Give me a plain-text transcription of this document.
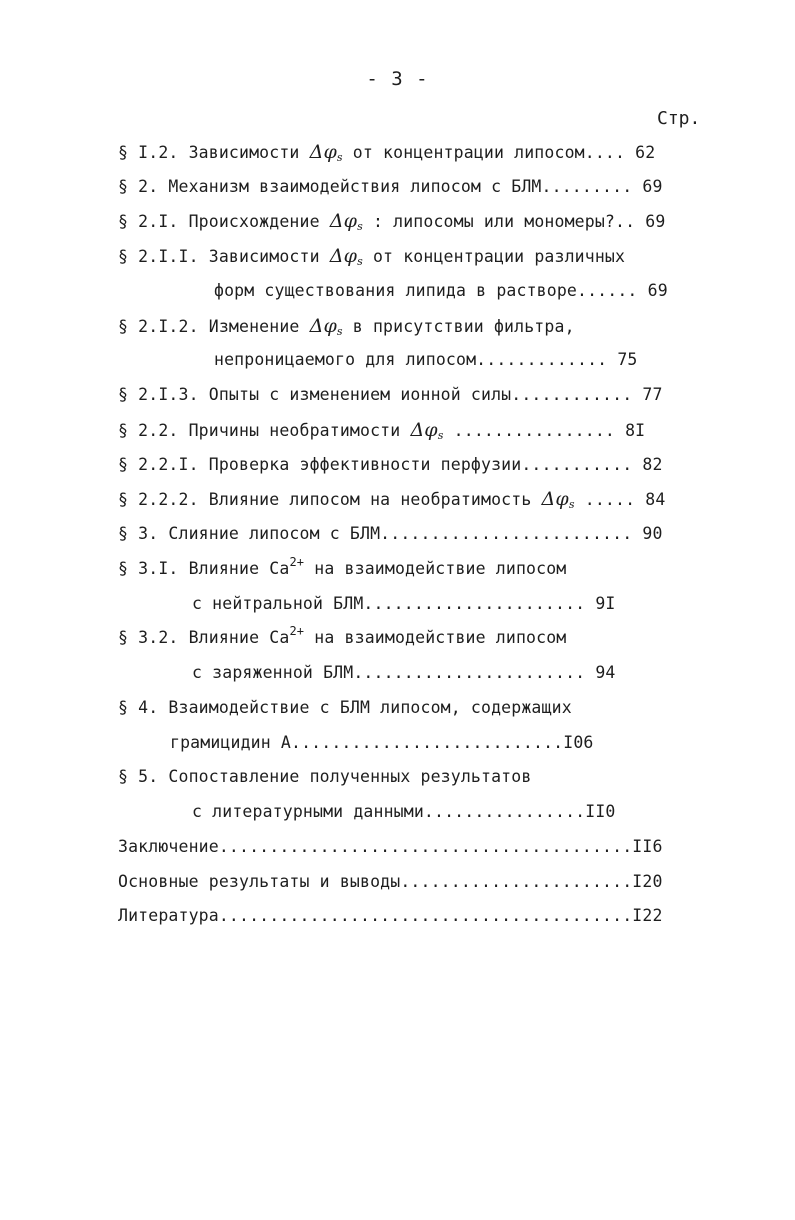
- 3 -
Стр.
§ I.2. Зависимости $\Delta\varphi_s$ от концентрации липосом.... 62
§ 2. Механизм взаимодействия липосом с БЛМ......... 69
§ 2.I. Происхождение $\Delta\varphi_s$ : липосомы или мономеры?.. 69
§ 2.I.I. Зависимости $\Delta\varphi_s$ от концентрации различных
форм существования липида в растворе...... 69
§ 2.I.2. Изменение $\Delta\varphi_s$ в присутствии фильтра,
непроницаемого для липосом............. 75
§ 2.I.3. Опыты с изменением ионной силы............ 77
§ 2.2. Причины необратимости $\Delta\varphi_s$ ................ 8I
§ 2.2.I. Проверка эффективности перфузии........... 82
§ 2.2.2. Влияние липосом на необратимость $\Delta\varphi_s$ ..... 84
§ 3. Слияние липосом с БЛМ......................... 90
§ 3.I. Влияние $Ca^{2+}$ на взаимодействие липосом
с нейтральной БЛМ...................... 9I
§ 3.2. Влияние $Ca^{2+}$ на взаимодействие липосом
с заряженной БЛМ....................... 94
§ 4. Взаимодействие с БЛМ липосом, содержащих
грамицидин А...........................I06
§ 5. Сопоставление полученных результатов
с литературными данными................II0
Заключение.........................................II6
Основные результаты и выводы.......................I20
Литература.........................................I22
